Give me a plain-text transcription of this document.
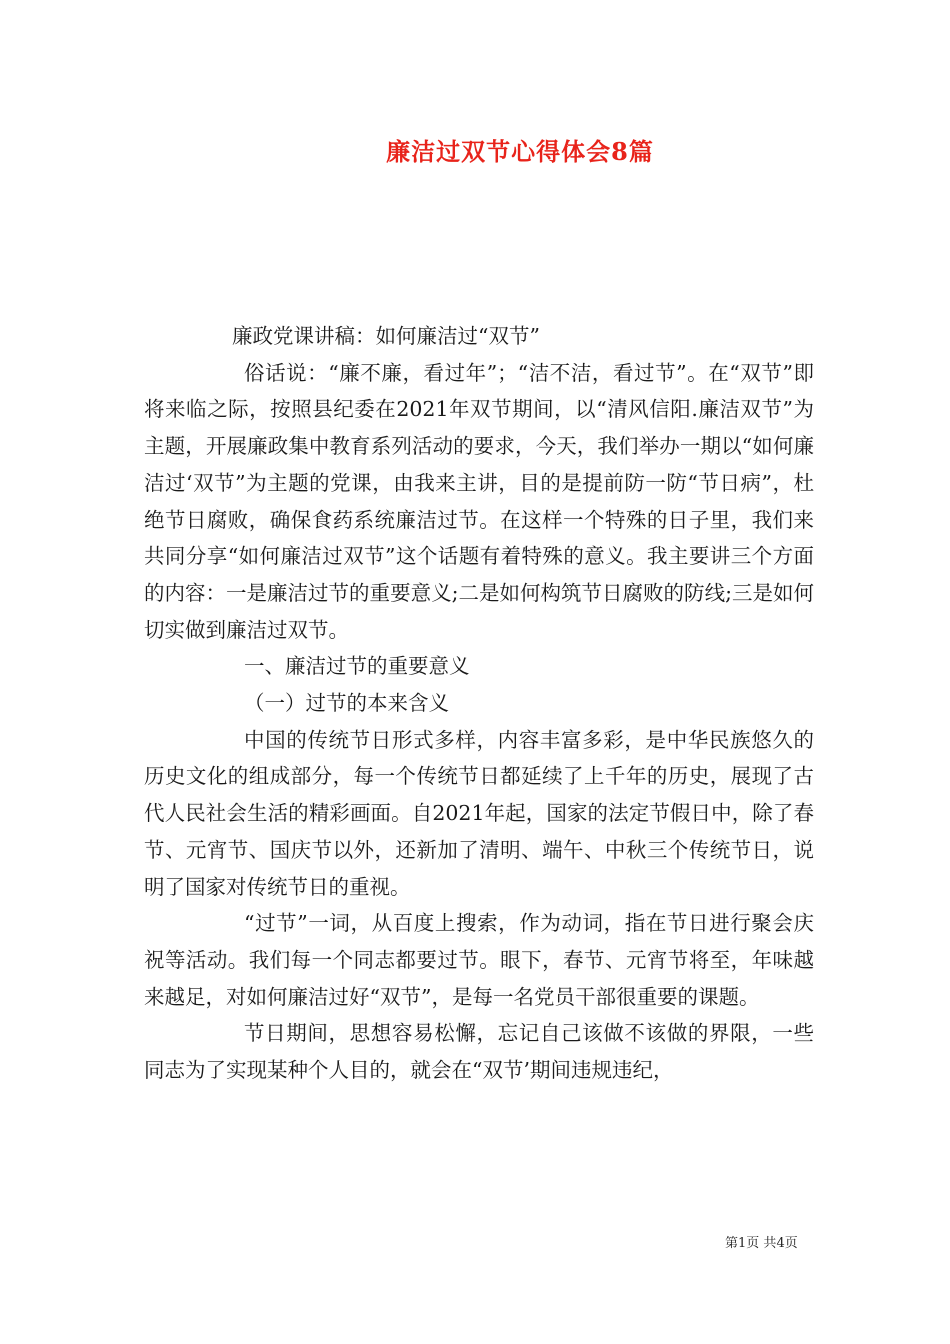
廉洁过双节心得体会8篇

廉政党课讲稿：如何廉洁过“双节”

俗话说：“廉不廉，看过年”；“洁不洁，看过节”。在“双节”即将来临之际，按照县纪委在2021年双节期间，以“清风信阳.廉洁双节”为主题，开展廉政集中教育系列活动的要求，今天，我们举办一期以“如何廉洁过‘双节”为主题的党课，由我来主讲，目的是提前防一防“节日病”，杜绝节日腐败，确保食药系统廉洁过节。在这样一个特殊的日子里，我们来共同分享“如何廉洁过双节”这个话题有着特殊的意义。我主要讲三个方面的内容：一是廉洁过节的重要意义;二是如何构筑节日腐败的防线;三是如何切实做到廉洁过双节。

一、廉洁过节的重要意义

（一）过节的本来含义

中国的传统节日形式多样，内容丰富多彩，是中华民族悠久的历史文化的组成部分，每一个传统节日都延续了上千年的历史，展现了古代人民社会生活的精彩画面。自2021年起，国家的法定节假日中，除了春节、元宵节、国庆节以外，还新加了清明、端午、中秋三个传统节日，说明了国家对传统节日的重视。

“过节”一词，从百度上搜索，作为动词，指在节日进行聚会庆祝等活动。我们每一个同志都要过节。眼下，春节、元宵节将至，年味越来越足，对如何廉洁过好“双节”，是每一名党员干部很重要的课题。

节日期间，思想容易松懈，忘记自己该做不该做的界限，一些同志为了实现某种个人目的，就会在“双节’期间违规违纪，

第1页 共4页
